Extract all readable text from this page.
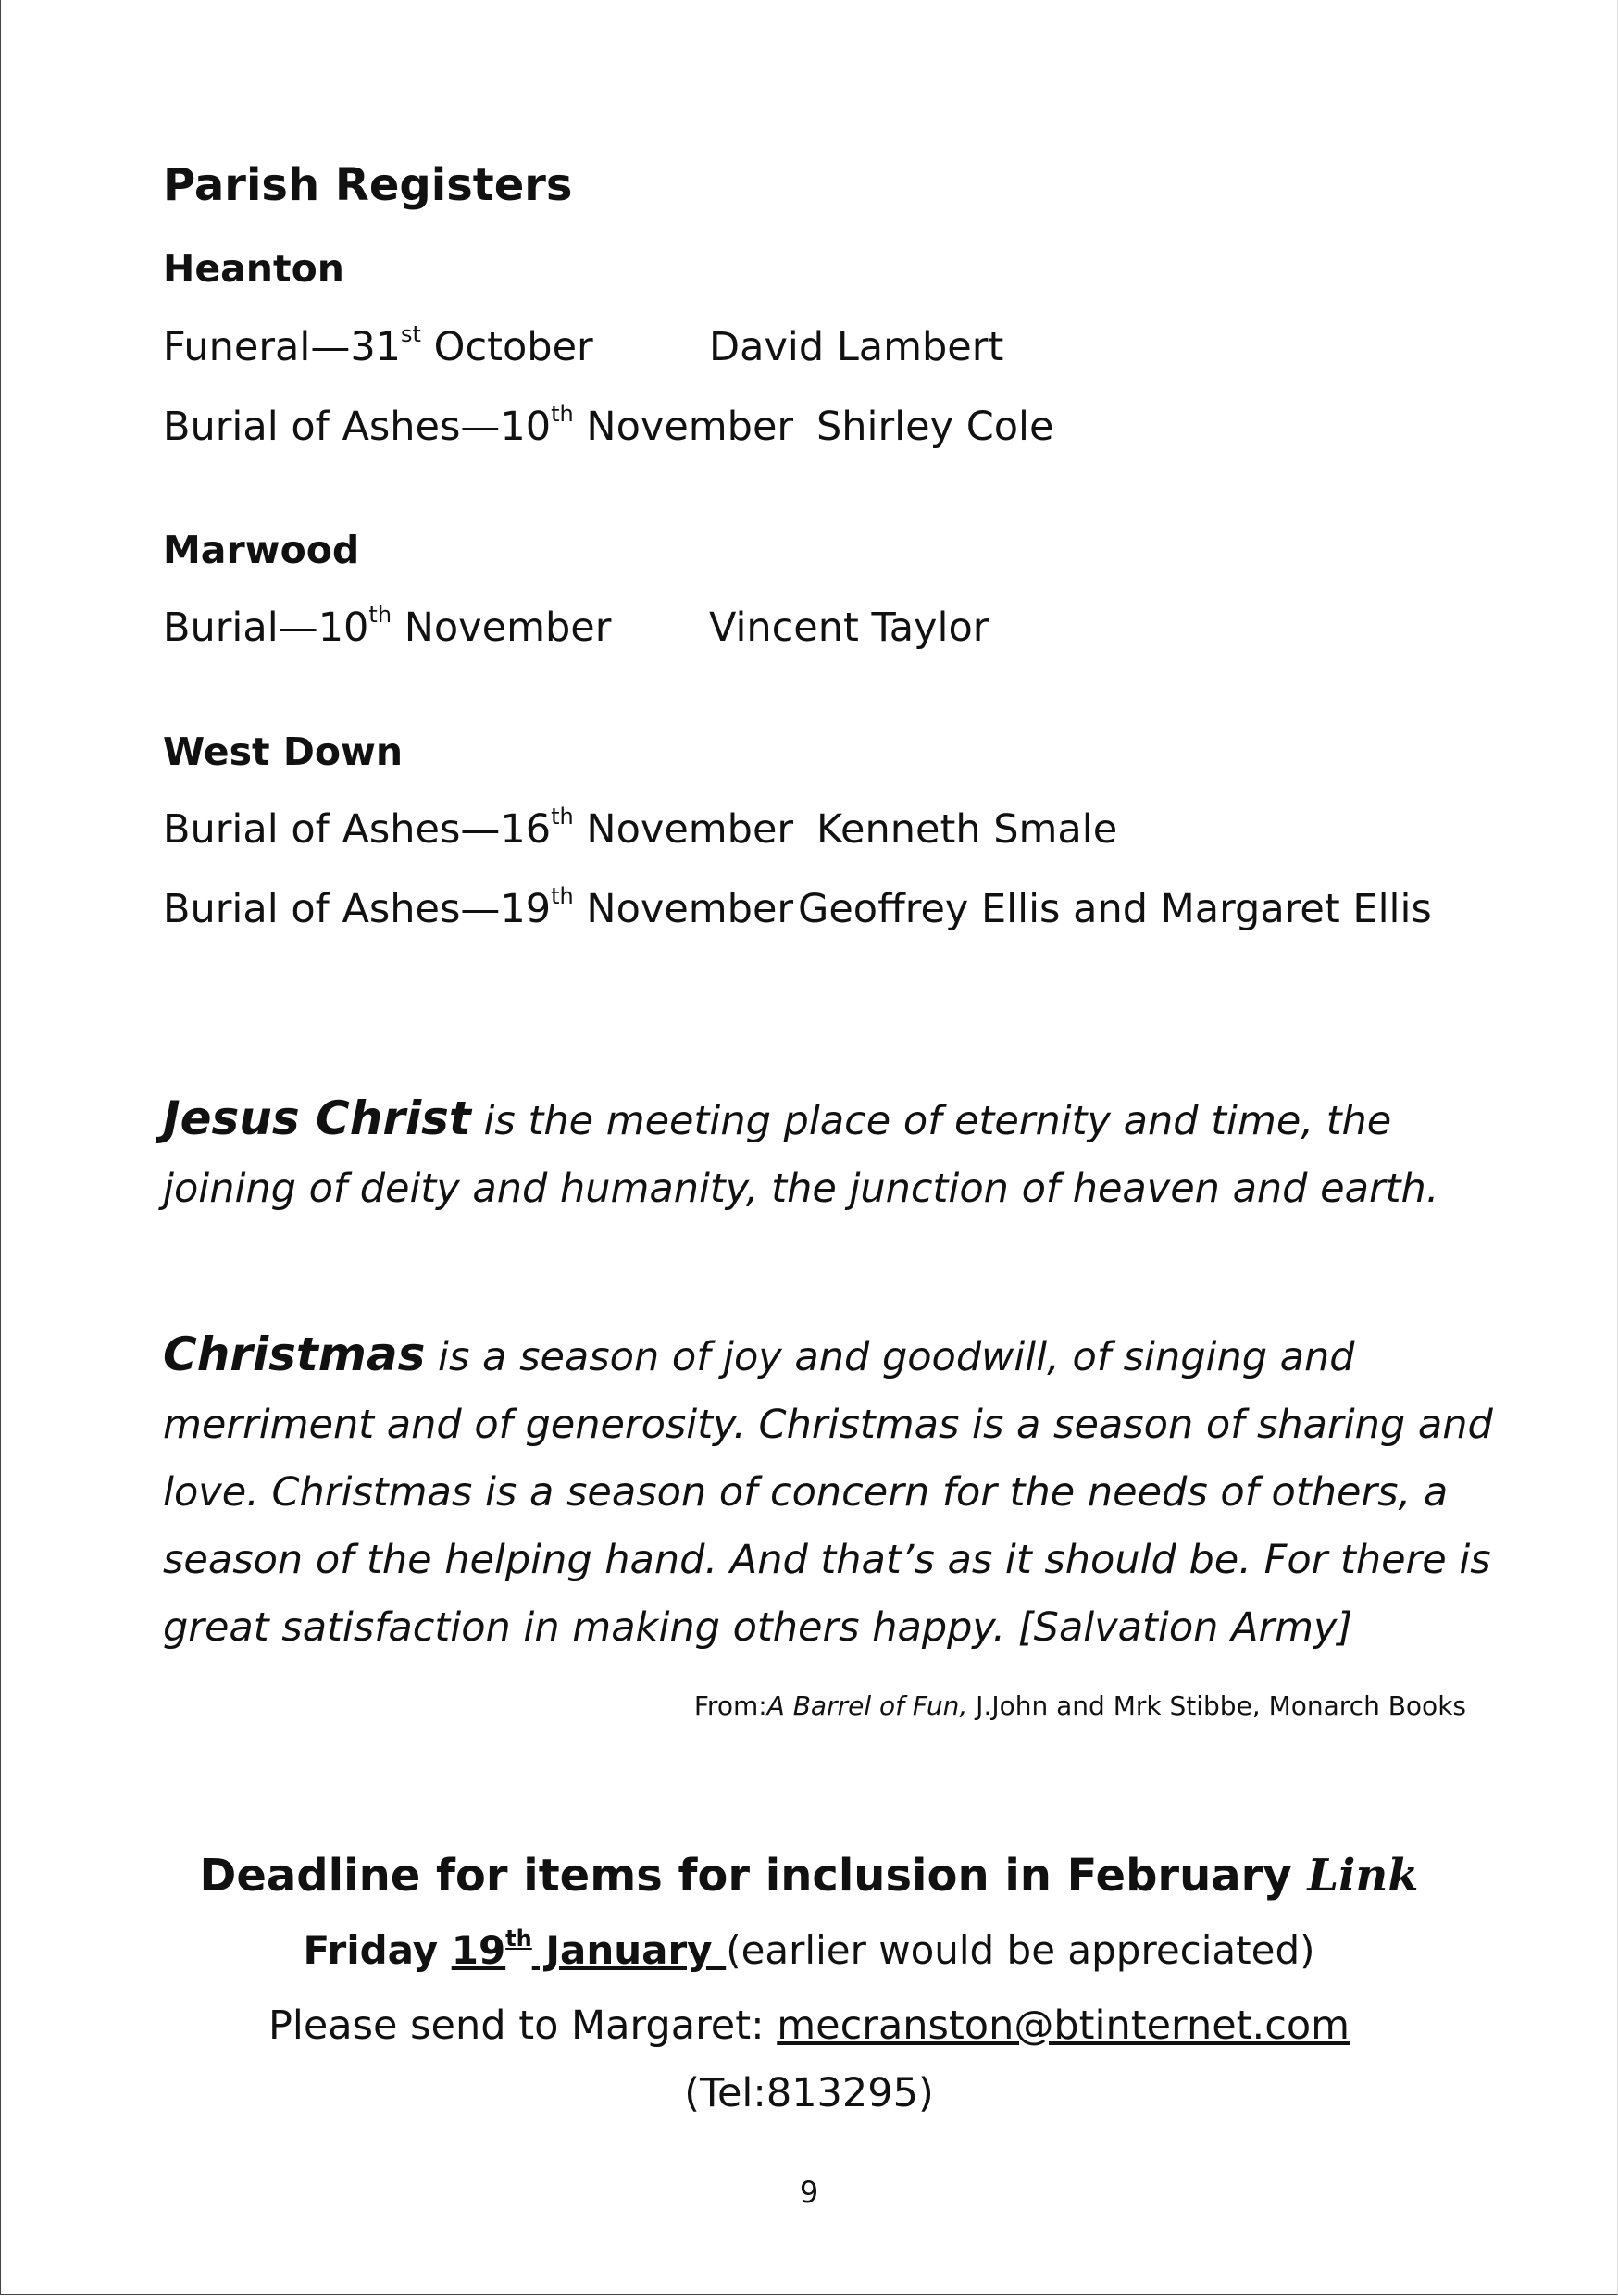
Parish Registers
Heanton
Funeral—31st October	David Lambert
Burial of Ashes—10th November Shirley Cole
Marwood
Burial—10th November Vincent Taylor
West Down
Burial of Ashes—16th November Kenneth Smale
Burial of Ashes—19th November Geoffrey Ellis and Margaret Ellis
Jesus Christ is the meeting place of eternity and time, the joining of deity and humanity, the junction of heaven and earth.
Christmas is a season of joy and goodwill, of singing and merriment and of generosity. Christmas is a season of sharing and love. Christmas is a season of concern for the needs of others, a season of the helping hand. And that’s as it should be. For there is great satisfaction in making others happy. [Salvation Army]
From:A Barrel of Fun, J.John and Mrk Stibbe, Monarch Books
Deadline for items for inclusion in February Link
Friday 19th January (earlier would be appreciated)
Please send to Margaret: mecranston@btinternet.com
(Tel:813295)
9
